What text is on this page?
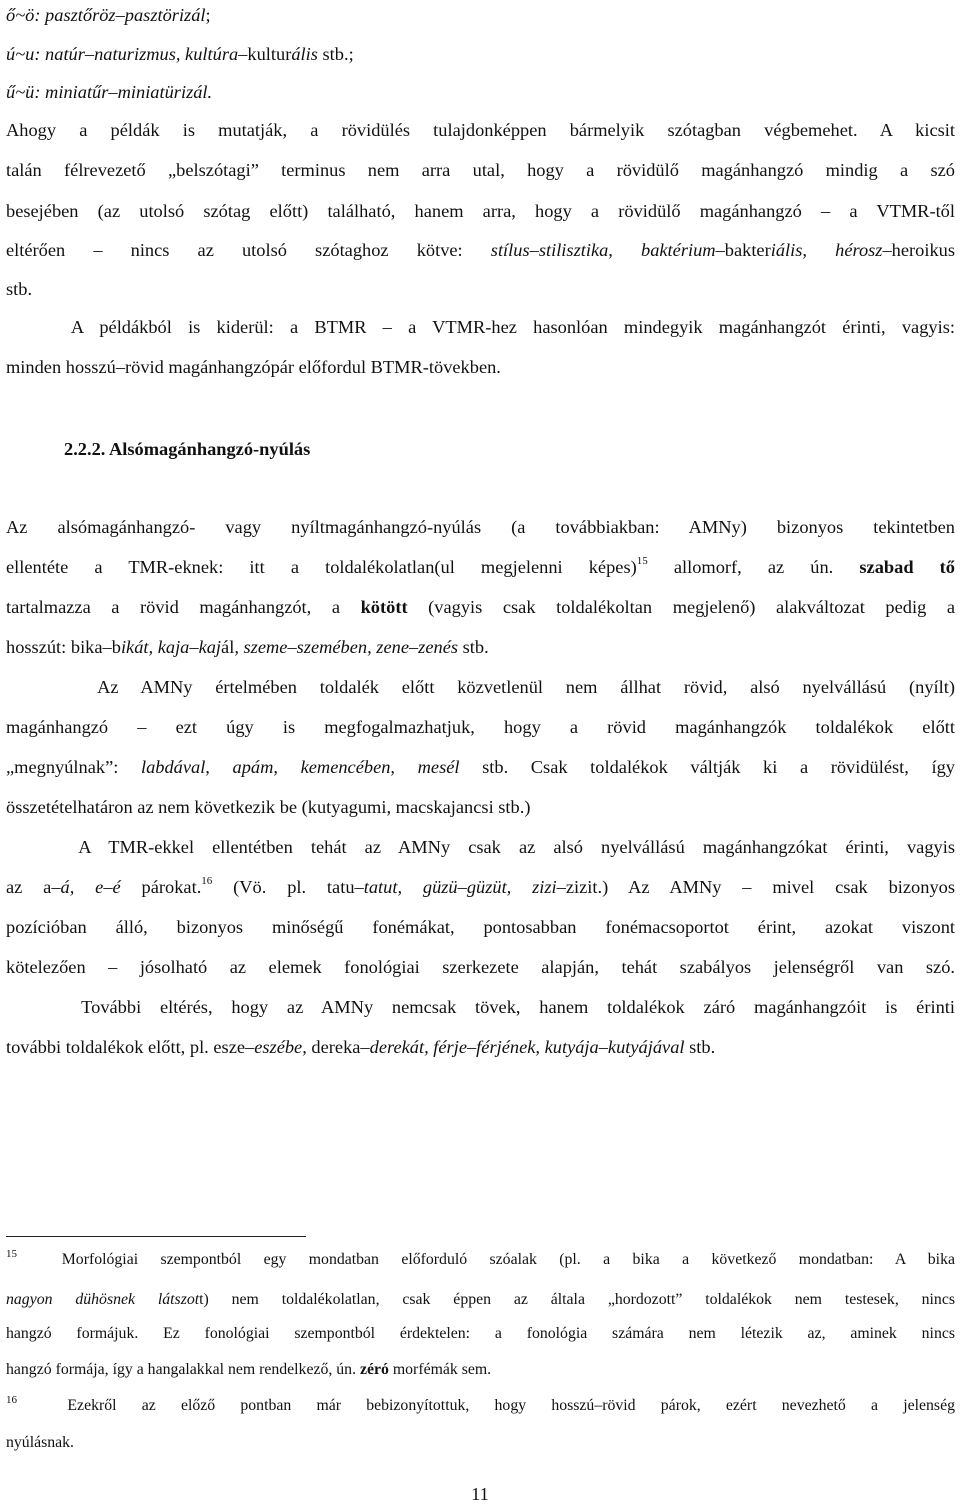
ő~ö: pasztőröz–pasztörizál;
ú~u: natúr–naturizmus, kultúra–kulturális stb.;
ű~ü: miniatűr–miniatürizál.
Ahogy a példák is mutatják, a rövidülés tulajdonképpen bármelyik szótagban végbemehet. A kicsit
talán félrevezető „belszótagi” terminus nem arra utal, hogy a rövidülő magánhangzó mindig a szó
besejében (az utolsó szótag előtt) található, hanem arra, hogy a rövidülő magánhangzó – a VTMR-től
eltérően – nincs az utolsó szótaghoz kötve: stílus–stilisztika, baktérium–bakteriális, hérosz–heroikus
stb.
A példákból is kiderül: a BTMR – a VTMR-hez hasonlóan mindegyik magánhangzót érinti, vagyis:
minden hosszú–rövid magánhangzópár előfordul BTMR-tövekben.
Az alsómagánhangzó- vagy nyíltmagánhangzó-nyúlás (a továbbiakban: AMNy) bizonyos tekintetben
ellentéte a TMR-eknek: itt a toldalékolatlan(ul megjelenni képes)$^{15}$ allomorf, az ún. szabad tő
tartalmazza a rövid magánhangzót, a kötött (vagyis csak toldalékoltan megjelenő) alakváltozat pedig a
hosszút: bika–bikát, kaja–kajál, szeme–szemében, zene–zenés stb.
Az AMNy értelmében toldalék előtt közvetlenül nem állhat rövid, alsó nyelvállású (nyílt)
magánhangzó – ezt úgy is megfogalmazhatjuk, hogy a rövid magánhangzók toldalékok előtt
„megnyúlnak”: labdával, apám, kemencében, mesél stb. Csak toldalékok váltják ki a rövidülést, így
összetételhatáron az nem következik be (kutyagumi, macskajancsi stb.)
A TMR-ekkel ellentétben tehát az AMNy csak az alsó nyelvállású magánhangzókat érinti, vagyis
az a–á, e–é párokat.$^{16}$ (Vö. pl. tatu–tatut, güzü–güzüt, zizi–zizit.) Az AMNy – mivel csak bizonyos
pozícióban álló, bizonyos minőségű fonémákat, pontosabban fonémacsoportot érint, azokat viszont
kötelezően – jósolható az elemek fonológiai szerkezete alapján, tehát szabályos jelenségről van szó.
További eltérés, hogy az AMNy nemcsak tövek, hanem toldalékok záró magánhangzóit is érinti
további toldalékok előtt, pl. esze–eszébe, dereka–derekát, férje–férjének, kutyája–kutyájával stb.
2.2.2. Alsómagánhangzó-nyúlás
$^{15}$  Morfológiai szempontból egy mondatban előforduló szóalak (pl. a bika a következő mondatban: A bika
nagyon dühösnek látszott) nem toldalékolatlan, csak éppen az általa „hordozott” toldalékok nem testesek, nincs
hangzó formájuk. Ez fonológiai szempontból érdektelen: a fonológia számára nem létezik az, aminek nincs
hangzó formája, így a hangalakkal nem rendelkező, ún. zéró morfémák sem.
$^{16}$  Ezekről az előző pontban már bebizonyítottuk, hogy hosszú–rövid párok, ezért nevezhető a jelenség
nyúlásnak.
11
